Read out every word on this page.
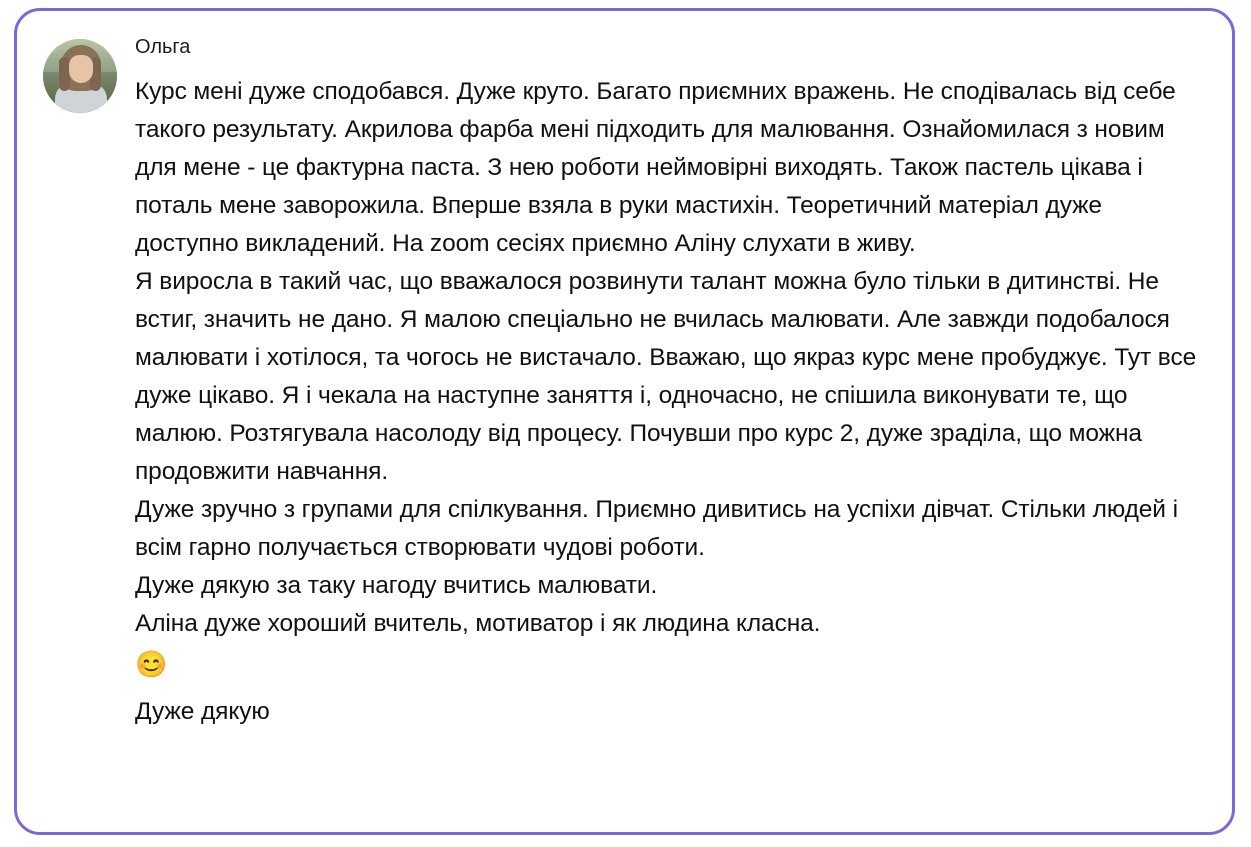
Ольга

Курс мені дуже сподобався. Дуже круто. Багато приємних вражень. Не сподівалась від себе такого результату. Акрилова фарба мені підходить для малювання. Ознайомилася з новим для мене - це фактурна паста. З нею роботи неймовірні виходять. Також пастель цікава і поталь мене заворожила. Вперше взяла в руки мастихін. Теоретичний матеріал дуже доступно викладений. На zoom сесіях приємно Аліну слухати в живу.

Я виросла в такий час, що вважалося розвинути талант можна було тільки в дитинстві. Не встиг, значить не дано. Я малою спеціально не вчилась малювати. Але завжди подобалося малювати і хотілося, та чогось не вистачало. Вважаю, що якраз курс мене пробуджує. Тут все дуже цікаво. Я і чекала на наступне заняття і, одночасно, не спішила виконувати те, що малюю. Розтягувала насолоду від процесу. Почувши про курс 2, дуже зраділа, що можна продовжити навчання.

Дуже зручно з групами для спілкування. Приємно дивитись на успіхи дівчат. Стільки людей і всім гарно получається створювати чудові роботи.

Дуже дякую за таку нагоду вчитись малювати.

Аліна дуже хороший вчитель, мотиватор і як людина класна.

😊

Дуже дякую
